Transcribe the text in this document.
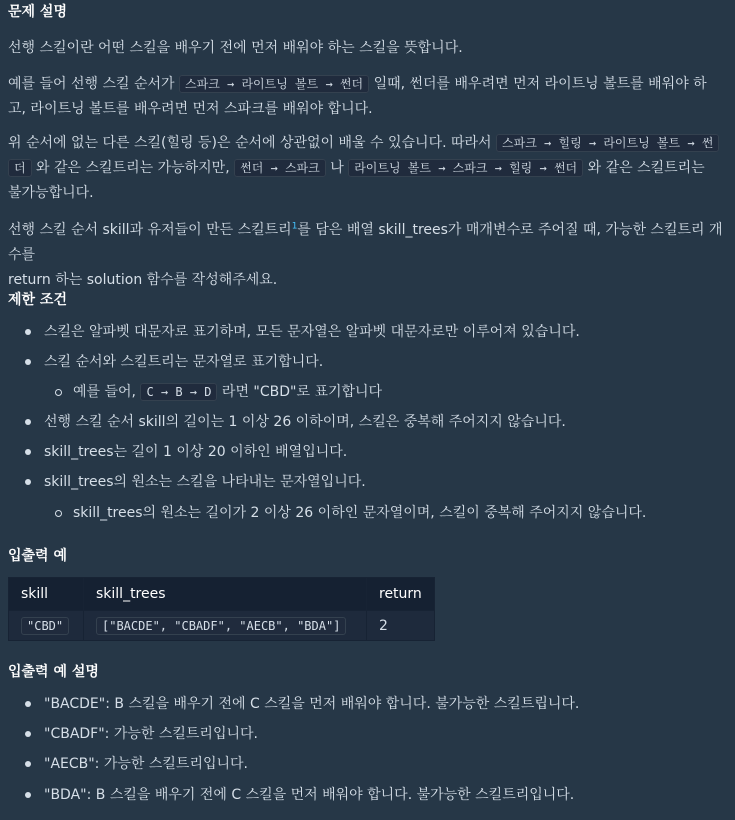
문제 설명

선행 스킬이란 어떤 스킬을 배우기 전에 먼저 배워야 하는 스킬을 뜻합니다.

예를 들어 선행 스킬 순서가 스파크 → 라이트닝 볼트 → 썬더 일때, 썬더를 배우려면 먼저 라이트닝 볼트를 배워야 하

고, 라이트닝 볼트를 배우려면 먼저 스파크를 배워야 합니다.

위 순서에 없는 다른 스킬(힐링 등)은 순서에 상관없이 배울 수 있습니다. 따라서 스파크 → 힐링 → 라이트닝 볼트 → 썬

더 와 같은 스킬트리는 가능하지만, 썬더 → 스파크 나 라이트닝 볼트 → 스파크 → 힐링 → 썬더 와 같은 스킬트리는

불가능합니다.

선행 스킬 순서 skill과 유저들이 만든 스킬트리$^1$를 담은 배열 skill_trees가 매개변수로 주어질 때, 가능한 스킬트리 개수를

return 하는 solution 함수를 작성해주세요.

제한 조건
스킬은 알파벳 대문자로 표기하며, 모든 문자열은 알파벳 대문자로만 이루어져 있습니다.
스킬 순서와 스킬트리는 문자열로 표기합니다.
예를 들어, C → B → D 라면 "CBD"로 표기합니다
선행 스킬 순서 skill의 길이는 1 이상 26 이하이며, 스킬은 중복해 주어지지 않습니다.
skill_trees는 길이 1 이상 20 이하인 배열입니다.
skill_trees의 원소는 스킬을 나타내는 문자열입니다.
skill_trees의 원소는 길이가 2 이상 26 이하인 문자열이며, 스킬이 중복해 주어지지 않습니다.
입출력 예
skill	skill_trees	return
"CBD"	["BACDE", "CBADF", "AECB", "BDA"]	2
입출력 예 설명
"BACDE": B 스킬을 배우기 전에 C 스킬을 먼저 배워야 합니다. 불가능한 스킬트립니다.
"CBADF": 가능한 스킬트리입니다.
"AECB": 가능한 스킬트리입니다.
"BDA": B 스킬을 배우기 전에 C 스킬을 먼저 배워야 합니다. 불가능한 스킬트리입니다.
